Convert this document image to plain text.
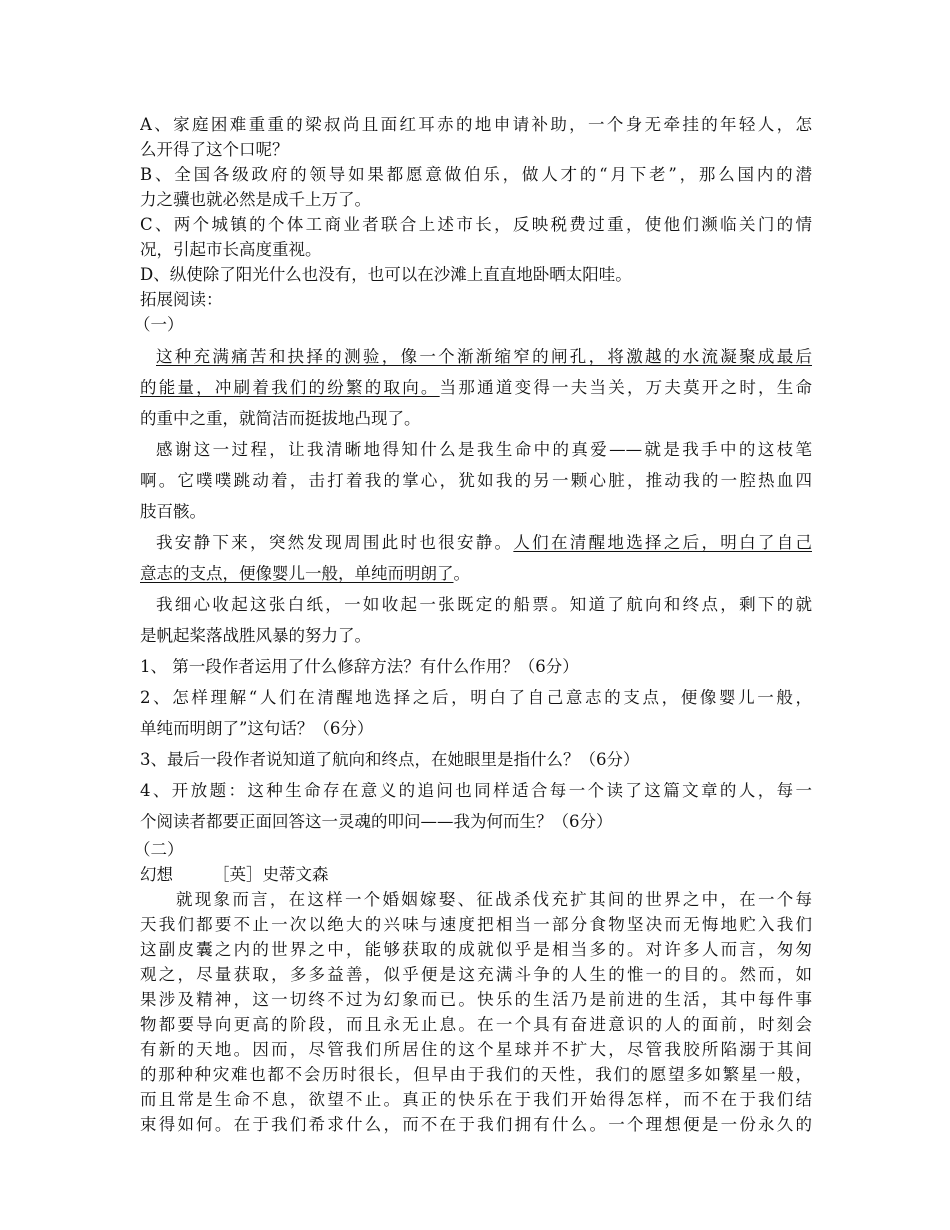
A、家庭困难重重的梁叔尚且面红耳赤的地申请补助，一个身无牵挂的年轻人，怎
么开得了这个口呢？
B、全国各级政府的领导如果都愿意做伯乐，做人才的“月下老”，那么国内的潜
力之骥也就必然是成千上万了。
C、两个城镇的个体工商业者联合上述市长，反映税费过重，使他们濒临关门的情
况，引起市长高度重视。
D、纵使除了阳光什么也没有，也可以在沙滩上直直地卧晒太阳哇。
拓展阅读：
（一）
这种充满痛苦和抉择的测验，像一个渐渐缩窄的闸孔，将激越的水流凝聚成最后
的能量，冲刷着我们的纷繁的取向。当那通道变得一夫当关，万夫莫开之时，生命
的重中之重，就简洁而挺拔地凸现了。
感谢这一过程，让我清晰地得知什么是我生命中的真爱——就是我手中的这枝笔
啊。它噗噗跳动着，击打着我的掌心，犹如我的另一颗心脏，推动我的一腔热血四
肢百骸。
我安静下来，突然发现周围此时也很安静。人们在清醒地选择之后，明白了自己
意志的支点，便像婴儿一般，单纯而明朗了。
我细心收起这张白纸，一如收起一张既定的船票。知道了航向和终点，剩下的就
是帆起桨落战胜风暴的努力了。
1、 第一段作者运用了什么修辞方法？有什么作用？（6分）
2、怎样理解“人们在清醒地选择之后，明白了自己意志的支点，便像婴儿一般，
单纯而明朗了”这句话？（6分）
3、最后一段作者说知道了航向和终点，在她眼里是指什么？（6分）
4、开放题：这种生命存在意义的追问也同样适合每一个读了这篇文章的人，每一
个阅读者都要正面回答这一灵魂的叩问——我为何而生？（6分）
（二）
幻想 ［英］史蒂文森
就现象而言，在这样一个婚姻嫁娶、征战杀伐充扩其间的世界之中，在一个每
天我们都要不止一次以绝大的兴味与速度把相当一部分食物坚决而无悔地贮入我们
这副皮囊之内的世界之中，能够获取的成就似乎是相当多的。对许多人而言，匆匆
观之，尽量获取，多多益善，似乎便是这充满斗争的人生的惟一的目的。然而，如
果涉及精神，这一切终不过为幻象而已。快乐的生活乃是前进的生活，其中每件事
物都要导向更高的阶段，而且永无止息。在一个具有奋进意识的人的面前，时刻会
有新的天地。因而，尽管我们所居住的这个星球并不扩大，尽管我胶所陷溺于其间
的那种种灾难也都不会历时很长，但早由于我们的天性，我们的愿望多如繁星一般，
而且常是生命不息，欲望不止。真正的快乐在于我们开始得怎样，而不在于我们结
束得如何。在于我们希求什么，而不在于我们拥有什么。一个理想便是一份永久的
